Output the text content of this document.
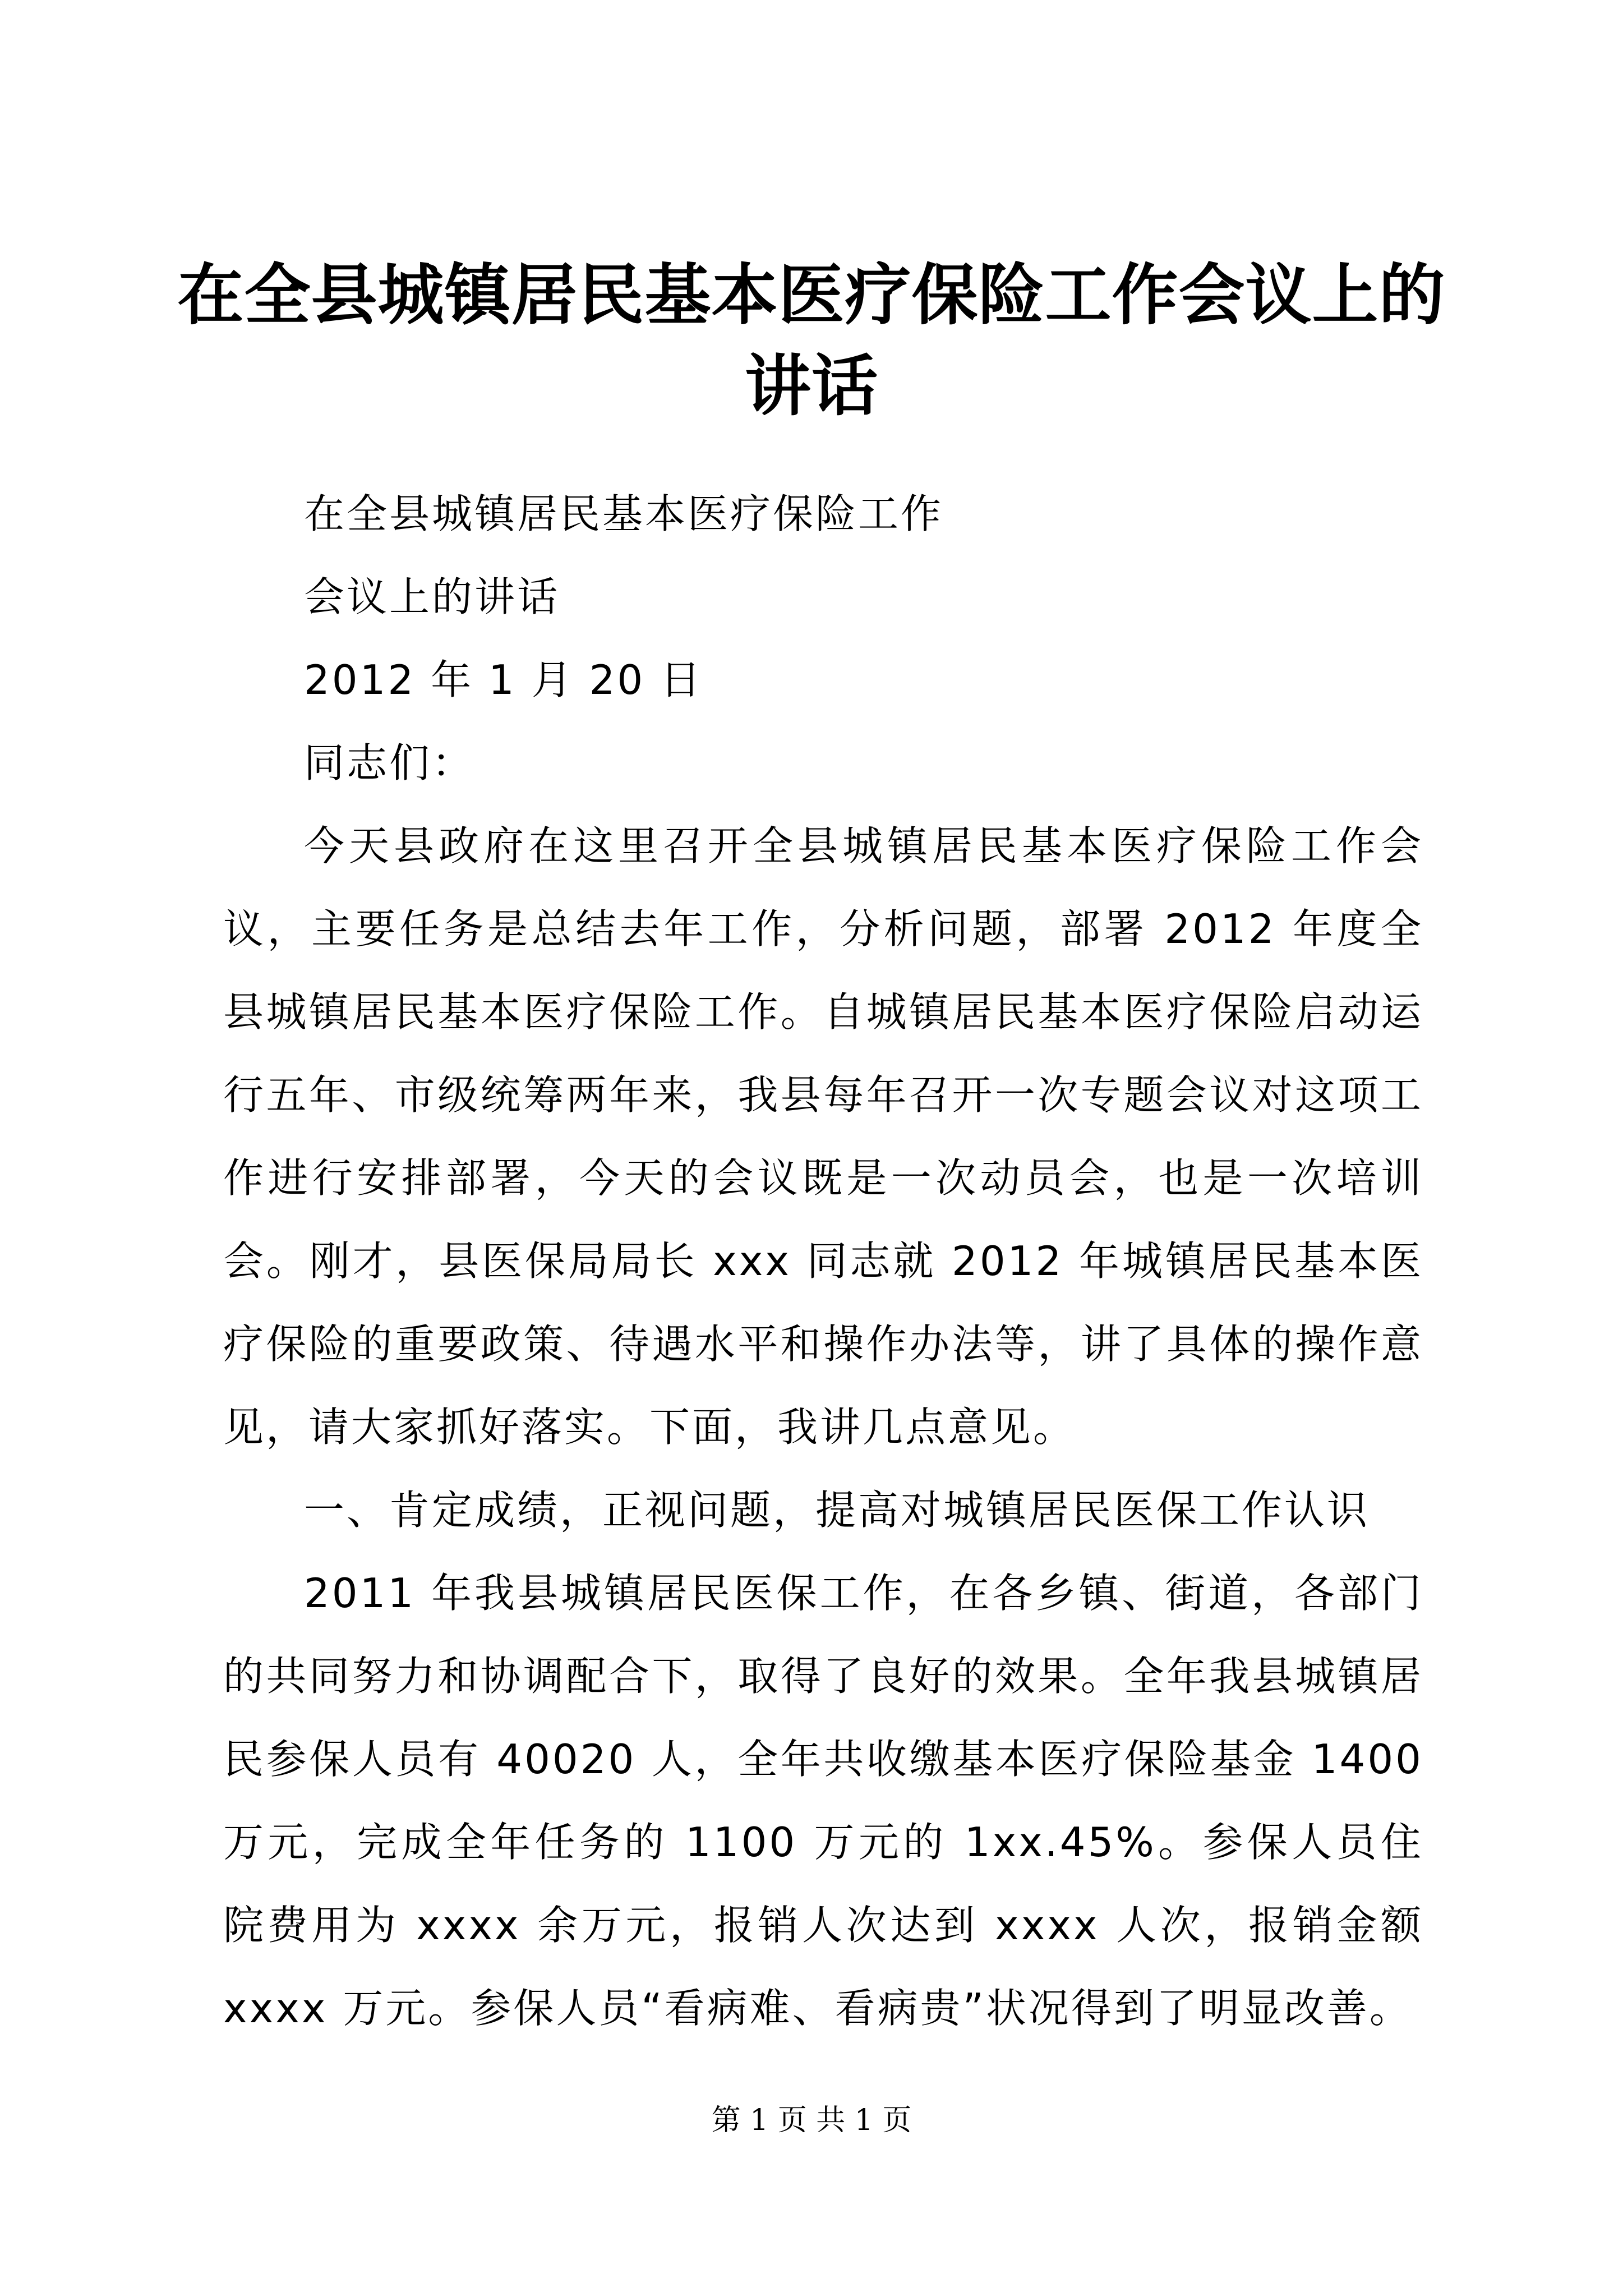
在全县城镇居民基本医疗保险工作会议上的讲话

在全县城镇居民基本医疗保险工作

会议上的讲话

2012 年 1 月 20 日

同志们：

今天县政府在这里召开全县城镇居民基本医疗保险工作会议，主要任务是总结去年工作，分析问题，部署 2012 年度全县城镇居民基本医疗保险工作。自城镇居民基本医疗保险启动运行五年、市级统筹两年来，我县每年召开一次专题会议对这项工作进行安排部署，今天的会议既是一次动员会，也是一次培训会。刚才，县医保局局长 xxx 同志就 2012 年城镇居民基本医疗保险的重要政策、待遇水平和操作办法等，讲了具体的操作意见，请大家抓好落实。下面，我讲几点意见。

一、肯定成绩，正视问题，提高对城镇居民医保工作认识

2011 年我县城镇居民医保工作，在各乡镇、街道，各部门的共同努力和协调配合下，取得了良好的效果。全年我县城镇居民参保人员有 40020 人，全年共收缴基本医疗保险基金 1400 万元，完成全年任务的 1100 万元的 1xx.45%。参保人员住院费用为 xxxx 余万元，报销人次达到 xxxx 人次，报销金额 xxxx 万元。参保人员“看病难、看病贵”状况得到了明显改善。

第 1 页 共 1 页
